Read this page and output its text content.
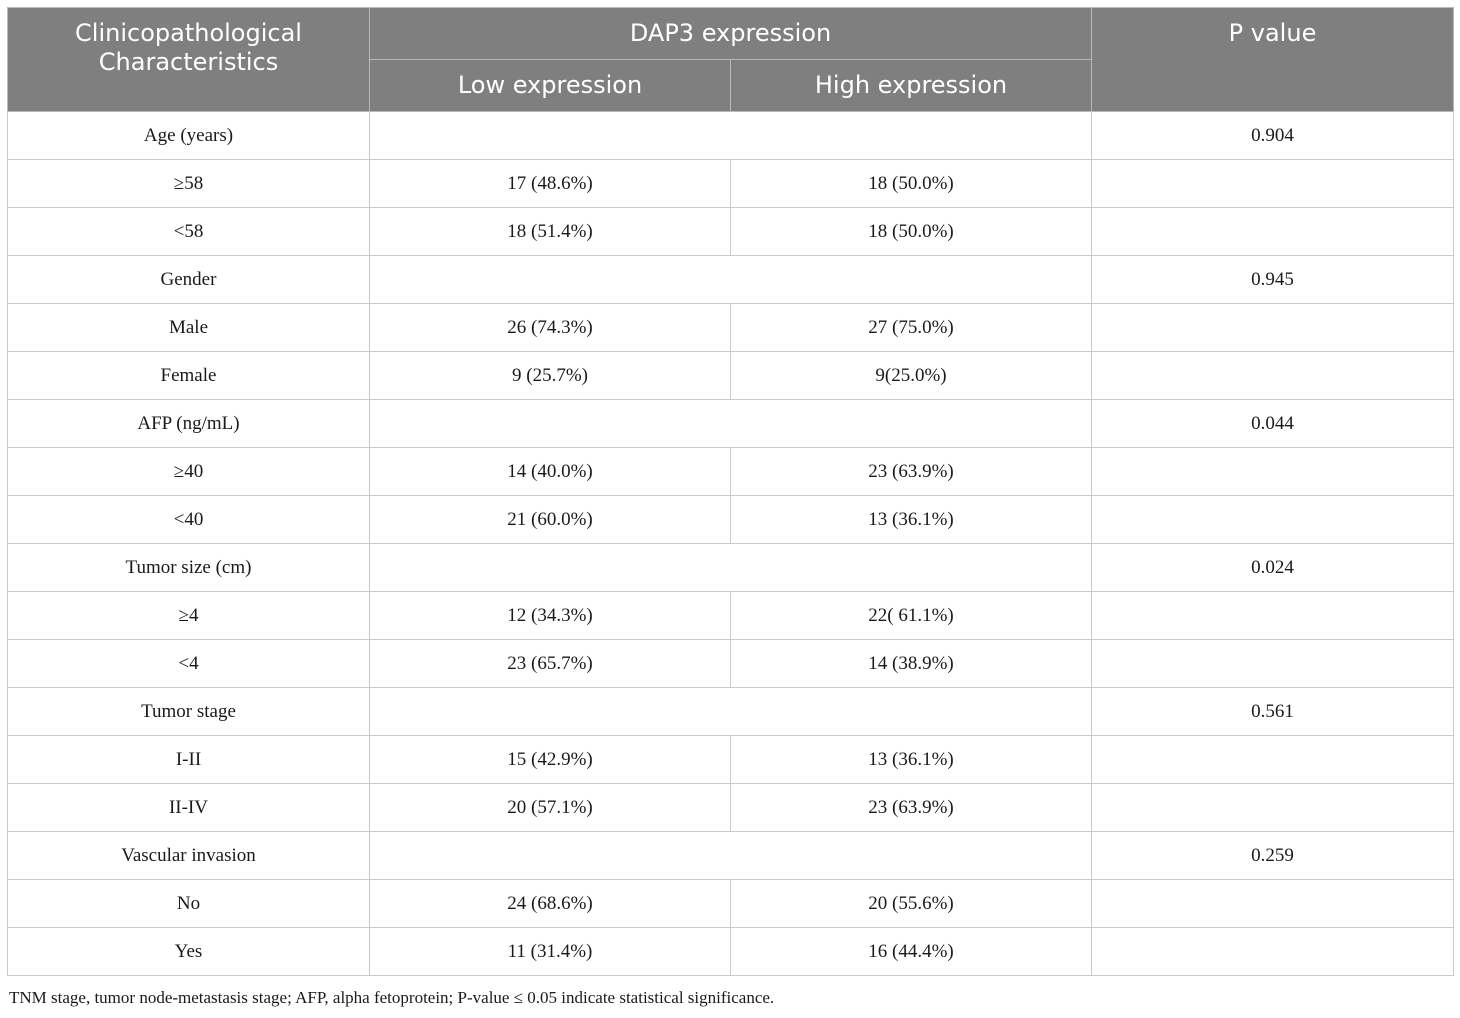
Clinicopathological Characteristics	DAP3 expression		P value
	Low expression	High expression	
Age (years)			0.904
≥58	17 (48.6%)	18 (50.0%)	
<58	18 (51.4%)	18 (50.0%)	
Gender			0.945
Male	26 (74.3%)	27 (75.0%)	
Female	9 (25.7%)	9(25.0%)	
AFP (ng/mL)			0.044
≥40	14 (40.0%)	23 (63.9%)	
<40	21 (60.0%)	13 (36.1%)	
Tumor size (cm)			0.024
≥4	12 (34.3%)	22( 61.1%)	
<4	23 (65.7%)	14 (38.9%)	
Tumor stage			0.561
I-II	15 (42.9%)	13 (36.1%)	
II-IV	20 (57.1%)	23 (63.9%)	
Vascular invasion			0.259
No	24 (68.6%)	20 (55.6%)	
Yes	11 (31.4%)	16 (44.4%)	
TNM stage, tumor node-metastasis stage; AFP, alpha fetoprotein; P-value ≤ 0.05 indicate statistical significance.
